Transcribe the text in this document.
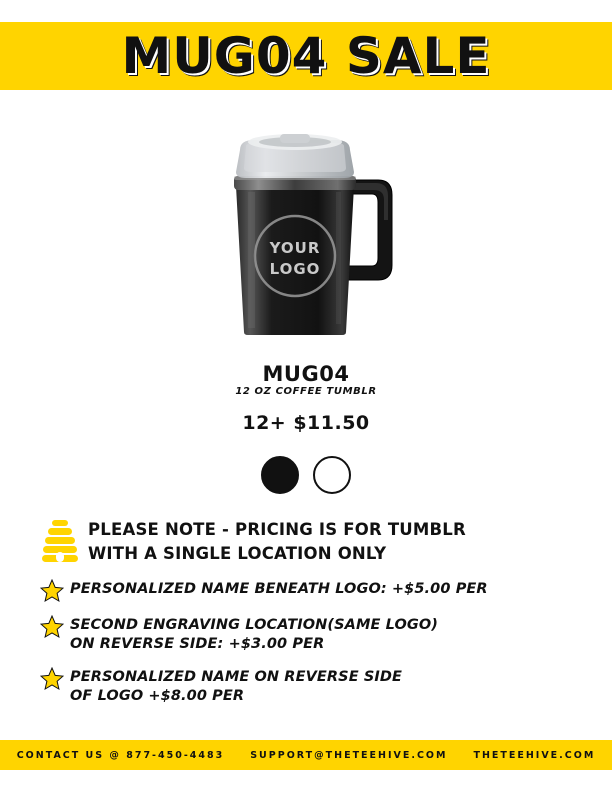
MUG04 SALE
YOUR
LOGO
MUG04
12 OZ COFFEE TUMBLR
12+ $11.50
PLEASE NOTE - PRICING IS FOR TUMBLR
WITH A SINGLE LOCATION ONLY
PERSONALIZED NAME BENEATH LOGO: +$5.00 PER
SECOND ENGRAVING LOCATION(SAME LOGO)
ON REVERSE SIDE: +$3.00 PER
PERSONALIZED NAME ON REVERSE SIDE
OF LOGO +$8.00 PER
CONTACT US @ 877-450-4483	SUPPORT@THETEEHIVE.COM	THETEEHIVE.COM
